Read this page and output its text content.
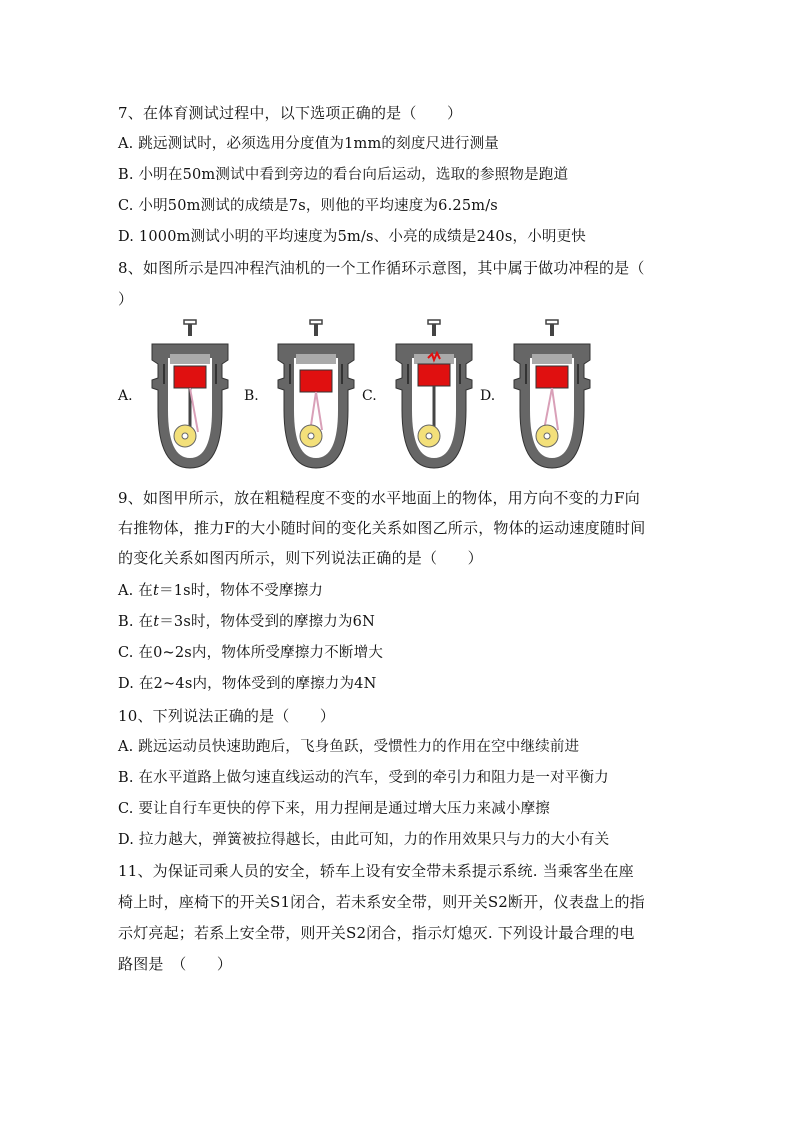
7、在体育测试过程中，以下选项正确的是（　　）
A. 跳远测试时，必须选用分度值为1mm的刻度尺进行测量
B. 小明在50m测试中看到旁边的看台向后运动，选取的参照物是跑道
C. 小明50m测试的成绩是7s，则他的平均速度为6.25m/s
D. 1000m测试小明的平均速度为5m/s、小亮的成绩是240s，小明更快
8、如图所示是四冲程汽油机的一个工作循环示意图，其中属于做功冲程的是（
）
A.	B.	C.	D.
9、如图甲所示，放在粗糙程度不变的水平地面上的物体，用方向不变的力F向
右推物体，推力F的大小随时间的变化关系如图乙所示，物体的运动速度随时间
的变化关系如图丙所示，则下列说法正确的是（　　）
A. 在t＝1s时，物体不受摩擦力
B. 在t＝3s时，物体受到的摩擦力为6N
C. 在0~2s内，物体所受摩擦力不断增大
D. 在2~4s内，物体受到的摩擦力为4N
10、下列说法正确的是（　　）
A. 跳远运动员快速助跑后，飞身鱼跃，受惯性力的作用在空中继续前进
B. 在水平道路上做匀速直线运动的汽车，受到的牵引力和阻力是一对平衡力
C. 要让自行车更快的停下来，用力捏闸是通过增大压力来减小摩擦
D. 拉力越大，弹簧被拉得越长，由此可知，力的作用效果只与力的大小有关
11、为保证司乘人员的安全，轿车上设有安全带未系提示系统. 当乘客坐在座
椅上时，座椅下的开关S1闭合，若未系安全带，则开关S2断开，仪表盘上的指
示灯亮起；若系上安全带，则开关S2闭合，指示灯熄灭. 下列设计最合理的电
路图是　（　　）
